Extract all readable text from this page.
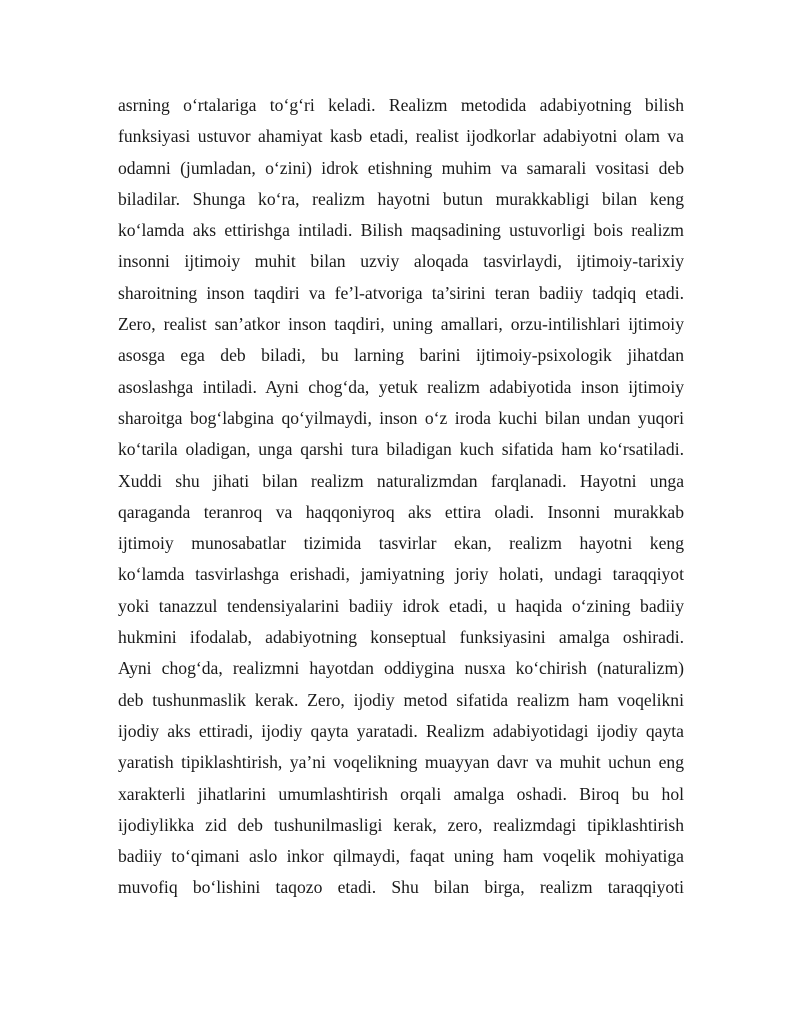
asrning o‘rtalariga to‘g‘ri keladi. Realizm metodida adabiyotning bilish
funksiyasi ustuvor ahamiyat kasb etadi, realist ijodkorlar adabiyotni olam va
odamni (jumladan, o‘zini) idrok etishning muhim va samarali vositasi deb
biladilar. Shunga ko‘ra, realizm hayotni butun murakkabligi bilan keng
ko‘lamda aks ettirishga intiladi. Bilish maqsadining ustuvorligi bois realizm
insonni ijtimoiy muhit bilan uzviy aloqada tasvirlaydi, ijtimoiy-tarixiy
sharoitning inson taqdiri va fe’l-atvoriga ta’sirini teran badiiy tadqiq etadi.
Zero, realist san’atkor inson taqdiri, uning amallari, orzu-intilishlari ijtimoiy
asosga ega deb biladi, bu larning barini ijtimoiy-psixologik jihatdan
asoslashga intiladi. Ayni chog‘da, yetuk realizm adabiyotida inson ijtimoiy
sharoitga bog‘labgina qo‘yilmaydi, inson o‘z iroda kuchi bilan undan yuqori
ko‘tarila oladigan, unga qarshi tura biladigan kuch sifatida ham ko‘rsatiladi.
Xuddi shu jihati bilan realizm naturalizmdan farqlanadi. Hayotni unga
qaraganda teranroq va haqqoniyroq aks ettira oladi. Insonni murakkab
ijtimoiy munosabatlar tizimida tasvirlar ekan, realizm hayotni keng
ko‘lamda tasvirlashga erishadi, jamiyatning joriy holati, undagi taraqqiyot
yoki tanazzul tendensiyalarini badiiy idrok etadi, u haqida o‘zining badiiy
hukmini ifodalab, adabiyotning konseptual funksiyasini amalga oshiradi.
Ayni chog‘da, realizmni hayotdan oddiygina nusxa ko‘chirish (naturalizm)
deb tushunmaslik kerak. Zero, ijodiy metod sifatida realizm ham voqelikni
ijodiy aks ettiradi, ijodiy qayta yaratadi. Realizm adabiyotidagi ijodiy qayta
yaratish tipiklashtirish, ya’ni voqelikning muayyan davr va muhit uchun eng
xarakterli jihatlarini umumlashtirish orqali amalga oshadi. Biroq bu hol
ijodiylikka zid deb tushunilmasligi kerak, zero, realizmdagi tipiklashtirish
badiiy to‘qimani aslo inkor qilmaydi, faqat uning ham voqelik mohiyatiga
muvofiq bo‘lishini taqozo etadi. Shu bilan birga, realizm taraqqiyoti
